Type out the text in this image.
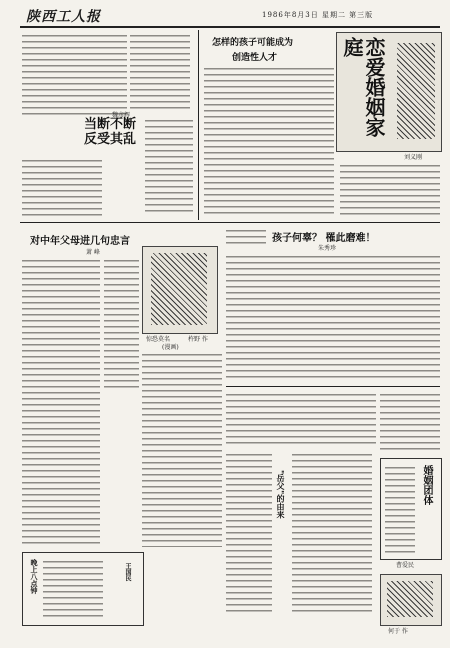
陕西工人报	1986年8月3日 星期二 第三版
当断不断反受其乱
魏彦辉
怎样的孩子可能成为
创造性人才	恋爱婚姻家庭
刘义刚
对中年父母进几句忠言
萧 峰
惊恐莫名	杵野 作
(漫画)
孩子何辜？ 罹此磨难！
朱秀珍
"岳父"的由来	婚姻团体
曹爱民
何于 作
晚上八点钟	王国民
